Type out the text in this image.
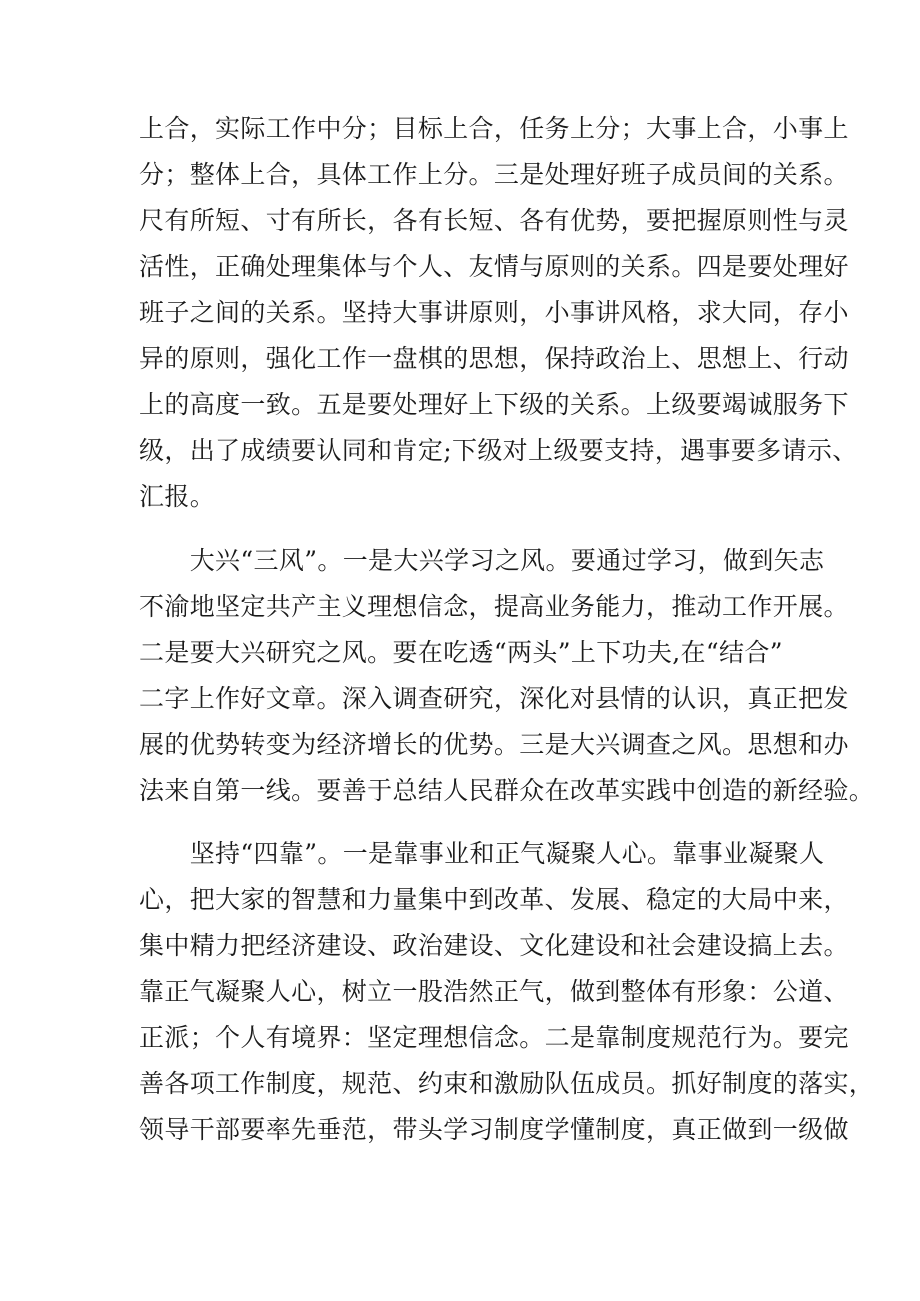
上合，实际工作中分；目标上合，任务上分；大事上合，小事上
分；整体上合，具体工作上分。三是处理好班子成员间的关系。
尺有所短、寸有所长，各有长短、各有优势，要把握原则性与灵
活性，正确处理集体与个人、友情与原则的关系。四是要处理好
班子之间的关系。坚持大事讲原则，小事讲风格，求大同，存小
异的原则，强化工作一盘棋的思想，保持政治上、思想上、行动
上的高度一致。五是要处理好上下级的关系。上级要竭诚服务下
级，出了成绩要认同和肯定;下级对上级要支持，遇事要多请示、
汇报。
　　大兴“三风”。一是大兴学习之风。要通过学习，做到矢志
不渝地坚定共产主义理想信念，提高业务能力，推动工作开展。
二是要大兴研究之风。要在吃透“两头”上下功夫,在“结合”
二字上作好文章。深入调查研究，深化对县情的认识，真正把发
展的优势转变为经济增长的优势。三是大兴调查之风。思想和办
法来自第一线。要善于总结人民群众在改革实践中创造的新经验。
　　坚持“四靠”。一是靠事业和正气凝聚人心。靠事业凝聚人
心，把大家的智慧和力量集中到改革、发展、稳定的大局中来，
集中精力把经济建设、政治建设、文化建设和社会建设搞上去。
靠正气凝聚人心，树立一股浩然正气，做到整体有形象：公道、
正派；个人有境界：坚定理想信念。二是靠制度规范行为。要完
善各项工作制度，规范、约束和激励队伍成员。抓好制度的落实，
领导干部要率先垂范，带头学习制度学懂制度，真正做到一级做
